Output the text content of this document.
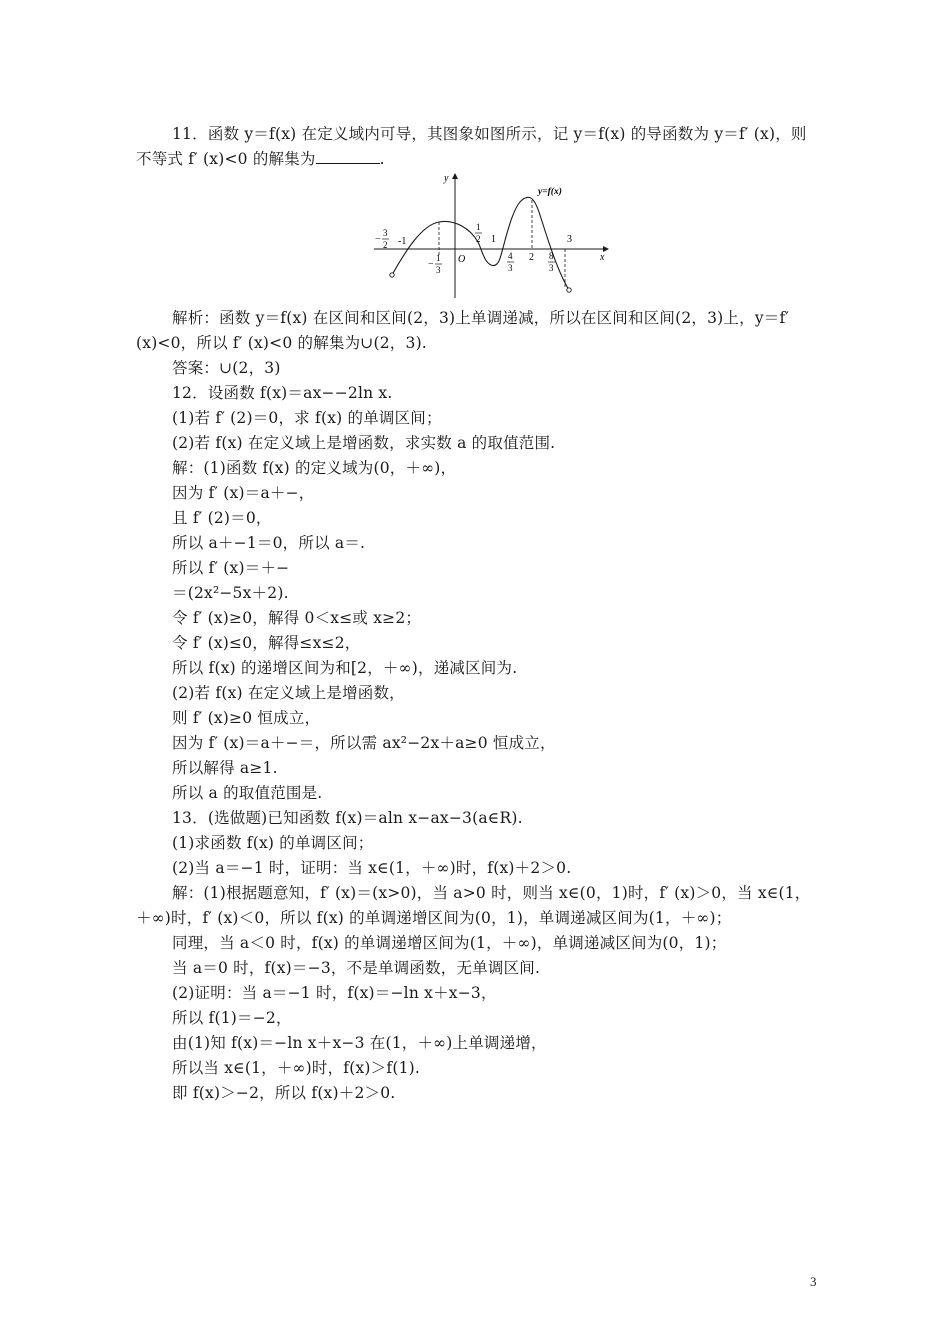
11．函数 y＝f(x) 在定义域内可导，其图象如图所示，记 y＝f(x) 的导函数为 y＝f′ (x)，则
不等式 f′ (x)<0 的解集为	.
y=f(x)
y
x
O
−
3
2 -1
−
1
3
1
2 1
4
3
2 8
3
3
解析：函数 y＝f(x) 在区间和区间(2，3)上单调递减，所以在区间和区间(2，3)上，y＝f′
(x)<0，所以 f′ (x)<0 的解集为∪(2，3).
答案：∪(2，3)
12．设函数 f(x)＝ax−−2ln x.
(1)若 f′ (2)＝0，求 f(x) 的单调区间；
(2)若 f(x) 在定义域上是增函数，求实数 a 的取值范围.
解：(1)函数 f(x) 的定义域为(0，＋∞)，
因为 f′ (x)＝a＋−，
且 f′ (2)＝0，
所以 a＋−1＝0，所以 a＝.
所以 f′ (x)＝＋−
＝(2x²−5x＋2).
令 f′ (x)≥0，解得 0＜x≤或 x≥2；
令 f′ (x)≤0，解得≤x≤2，
所以 f(x) 的递增区间为和[2，＋∞)，递减区间为.
(2)若 f(x) 在定义域上是增函数，
则 f′ (x)≥0 恒成立，
因为 f′ (x)＝a＋−＝，所以需 ax²−2x＋a≥0 恒成立，
所以解得 a≥1.
所以 a 的取值范围是.
13．(选做题)已知函数 f(x)＝aln x−ax−3(a∈R).
(1)求函数 f(x) 的单调区间；
(2)当 a＝−1 时，证明：当 x∈(1，＋∞)时，f(x)＋2＞0.
解：(1)根据题意知，f′ (x)＝(x>0)，当 a>0 时，则当 x∈(0，1)时，f′ (x)＞0，当 x∈(1，
＋∞)时，f′ (x)＜0，所以 f(x) 的单调递增区间为(0，1)，单调递减区间为(1，＋∞)；
同理，当 a＜0 时，f(x) 的单调递增区间为(1，＋∞)，单调递减区间为(0，1)；
当 a＝0 时，f(x)＝−3，不是单调函数，无单调区间.
(2)证明：当 a＝−1 时，f(x)＝−ln x＋x−3，
所以 f(1)＝−2，
由(1)知 f(x)＝−ln x＋x−3 在(1，＋∞)上单调递增，
所以当 x∈(1，＋∞)时，f(x)＞f(1).
即 f(x)＞−2，所以 f(x)＋2＞0.
3
